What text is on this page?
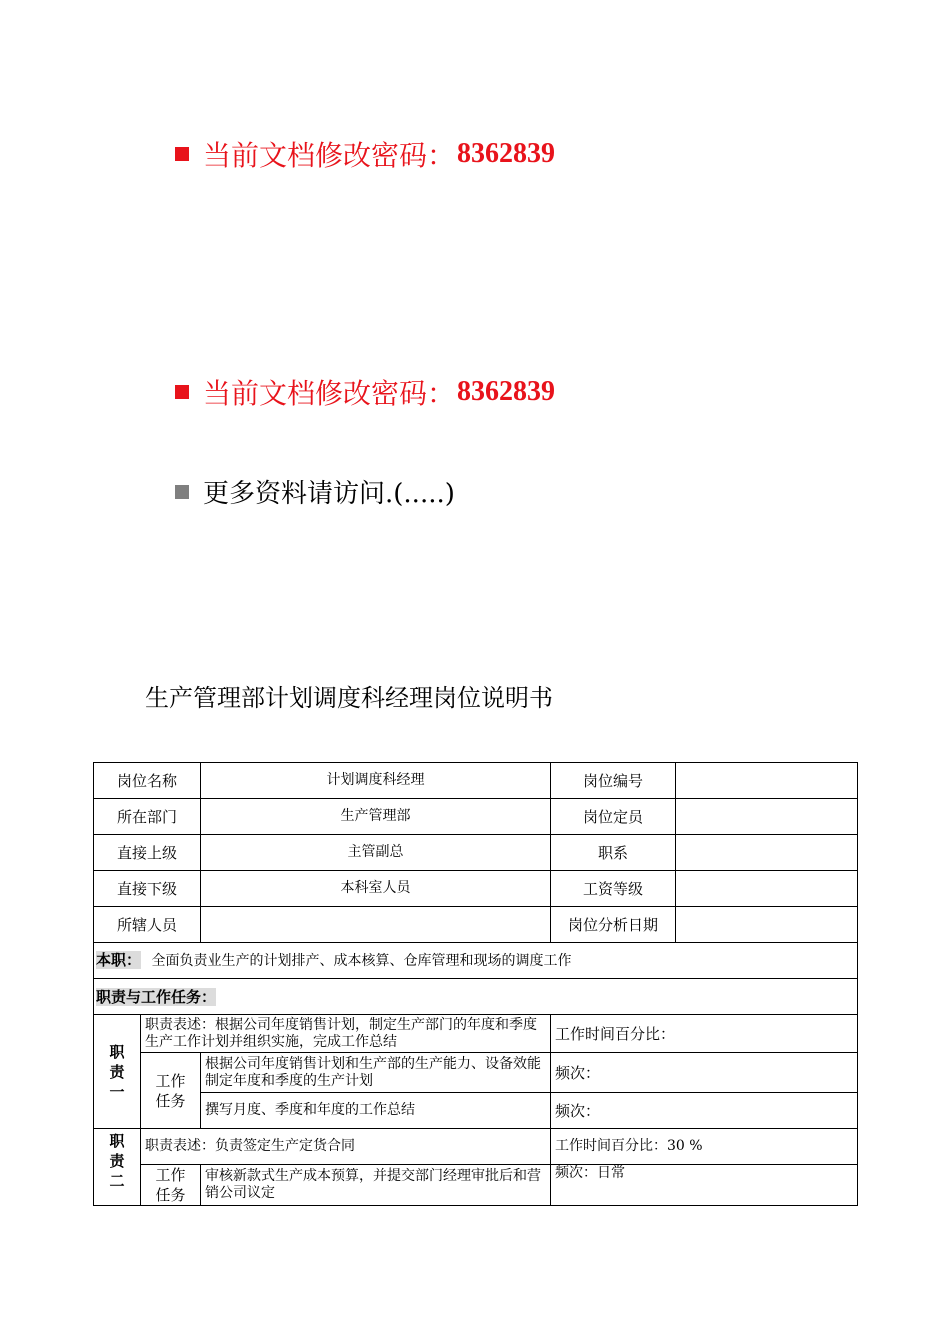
当前文档修改密码： 8362839
当前文档修改密码： 8362839
更多资料请访问.(.....)
生产管理部计划调度科经理岗位说明书
岗位名称		计划调度科经理	岗位编号	
所在部门		生产管理部	岗位定员	
直接上级		主管副总	职系	
直接下级		本科室人员	工资等级	
所辖人员			岗位分析日期	
本职： 全面负责业生产的计划排产、成本核算、仓库管理和现场的调度工作				
职责与工作任务：				

职责一	职责表述：根据公司年度销售计划，制定生产部门的年度和季度生产工作计划并组织实施，完成工作总结		工作时间百分比：	

	工作任务	根据公司年度销售计划和生产部的生产能力、设备效能制定年度和季度的生产计划	频次：	
		撰写月度、季度和年度的工作总结	频次：	

职责二	职责表述：负责签定生产定货合同		工作时间百分比：30 %	

	工作任务	审核新款式生产成本预算，并提交部门经理审批后和营销公司议定	频次：日常	
